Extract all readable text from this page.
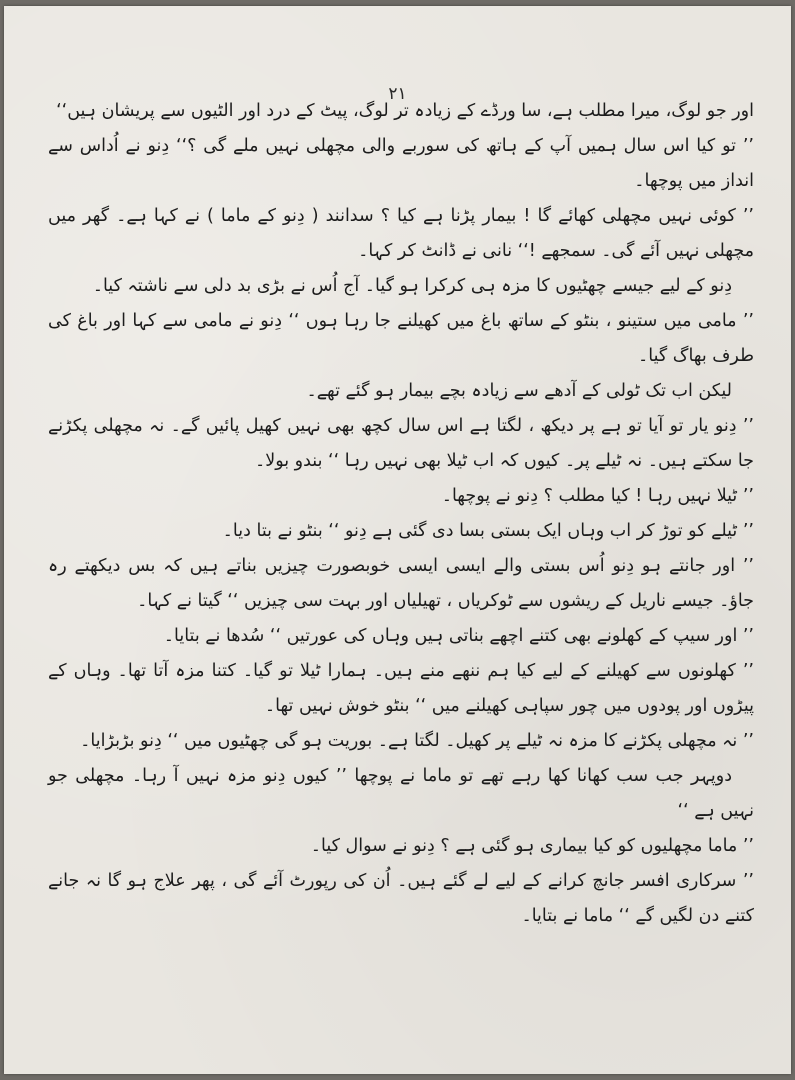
۲۱

اور جو لوگ، میرا مطلب ہے، سا ورڈے کے زیادہ تر لوگ، پیٹ کے درد اور الٹیوں سے پریشان ہیں‘‘

’’ تو کیا اس سال ہمیں آپ کے ہاتھ کی سوربے والی مچھلی نہیں ملے گی ؟‘‘ دِنو نے اُداس سے انداز میں پوچھا۔

’’ کوئی نہیں مچھلی کھائے گا ! بیمار پڑنا ہے کیا ؟ سدانند ( دِنو کے ماما ) نے کہا ہے۔ گھر میں مچھلی نہیں آئے گی۔ سمجھے !‘‘ نانی نے ڈانٹ کر کہا۔

دِنو کے لیے جیسے چھٹیوں کا مزہ ہی کرکرا ہو گیا۔ آج اُس نے بڑی بد دلی سے ناشتہ کیا۔

’’ مامی میں ستینو ، بنٹو کے ساتھ باغ میں کھیلنے جا رہا ہوں ‘‘ دِنو نے مامی سے کہا اور باغ کی طرف بھاگ گیا۔

لیکن اب تک ٹولی کے آدھے سے زیادہ بچے بیمار ہو گئے تھے۔

’’ دِنو یار تو آیا تو ہے پر دیکھ ، لگتا ہے اس سال کچھ بھی نہیں کھیل پائیں گے۔ نہ مچھلی پکڑنے جا سکتے ہیں۔ نہ ٹیلے پر۔ کیوں کہ اب ٹیلا بھی نہیں رہا ‘‘ بندو بولا۔

’’ ٹیلا نہیں رہا ! کیا مطلب ؟ دِنو نے پوچھا۔

’’ ٹیلے کو توڑ کر اب وہاں ایک بستی بسا دی گئی ہے دِنو ‘‘ بنٹو نے بتا دیا۔

’’ اور جانتے ہو دِنو اُس بستی والے ایسی ایسی خوبصورت چیزیں بناتے ہیں کہ بس دیکھتے رہ جاؤ۔ جیسے ناریل کے ریشوں سے ٹوکریاں ، تھیلیاں اور بہت سی چیزیں ‘‘ گیتا نے کہا۔

’’ اور سیپ کے کھلونے بھی کتنے اچھے بناتی ہیں وہاں کی عورتیں ‘‘ سُدھا نے بتایا۔

’’ کھلونوں سے کھیلنے کے لیے کیا ہم ننھے منے ہیں۔ ہمارا ٹیلا تو گیا۔ کتنا مزہ آتا تھا۔ وہاں کے پیڑوں اور پودوں میں چور سپاہی کھیلنے میں ‘‘ بنٹو خوش نہیں تھا۔

’’ نہ مچھلی پکڑنے کا مزہ نہ ٹیلے پر کھیل۔ لگتا ہے۔ بوریت ہو گی چھٹیوں میں ‘‘ دِنو بڑبڑایا۔

دوپہر جب سب کھانا کھا رہے تھے تو ماما نے پوچھا ’’ کیوں دِنو مزہ نہیں آ رہا۔ مچھلی جو نہیں ہے ‘‘

’’ ماما مچھلیوں کو کیا بیماری ہو گئی ہے ؟ دِنو نے سوال کیا۔

’’ سرکاری افسر جانچ کرانے کے لیے لے گئے ہیں۔ اُن کی رپورٹ آئے گی ، پھر علاج ہو گا نہ جانے کتنے دن لگیں گے ‘‘ ماما نے بتایا۔
